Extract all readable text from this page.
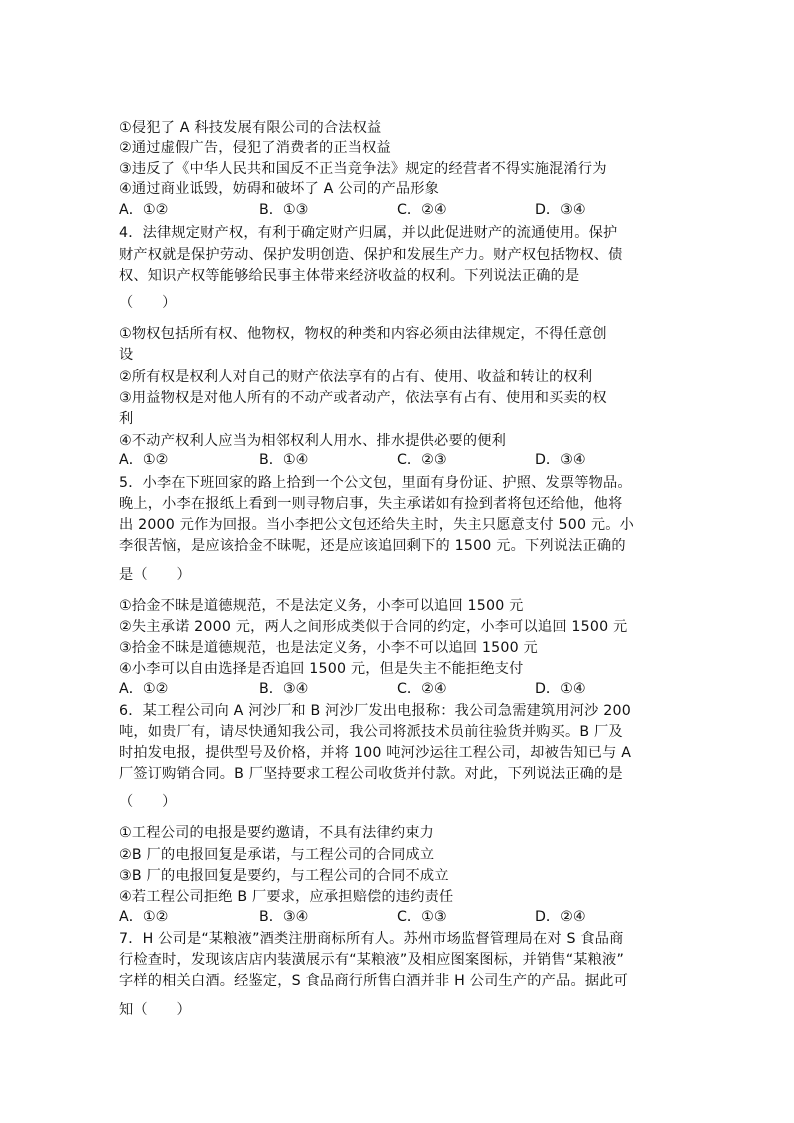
①侵犯了 A 科技发展有限公司的合法权益
②通过虚假广告，侵犯了消费者的正当权益
③违反了《中华人民共和国反不正当竞争法》规定的经营者不得实施混淆行为
④通过商业诋毁，妨碍和破坏了 A 公司的产品形象
A．①②	B．①③	C．②④	D．③④
4．法律规定财产权，有利于确定财产归属，并以此促进财产的流通使用。保护
财产权就是保护劳动、保护发明创造、保护和发展生产力。财产权包括物权、债
权、知识产权等能够给民事主体带来经济收益的权利。下列说法正确的是
（　　）
①物权包括所有权、他物权，物权的种类和内容必须由法律规定，不得任意创
设
②所有权是权利人对自己的财产依法享有的占有、使用、收益和转让的权利
③用益物权是对他人所有的不动产或者动产，依法享有占有、使用和买卖的权
利
④不动产权利人应当为相邻权利人用水、排水提供必要的便利
A．①②	B．①④	C．②③	D．③④
5．小李在下班回家的路上拾到一个公文包，里面有身份证、护照、发票等物品。
晚上，小李在报纸上看到一则寻物启事，失主承诺如有捡到者将包还给他，他将
出 2000 元作为回报。当小李把公文包还给失主时，失主只愿意支付 500 元。小
李很苦恼，是应该拾金不昧呢，还是应该追回剩下的 1500 元。下列说法正确的
是（　　）
①拾金不昧是道德规范，不是法定义务，小李可以追回 1500 元
②失主承诺 2000 元，两人之间形成类似于合同的约定，小李可以追回 1500 元
③拾金不昧是道德规范，也是法定义务，小李不可以追回 1500 元
④小李可以自由选择是否追回 1500 元，但是失主不能拒绝支付
A．①②	B．③④	C．②④	D．①④
6．某工程公司向 A 河沙厂和 B 河沙厂发出电报称：我公司急需建筑用河沙 200
吨，如贵厂有，请尽快通知我公司，我公司将派技术员前往验货并购买。B 厂及
时拍发电报，提供型号及价格，并将 100 吨河沙运往工程公司，却被告知已与 A
厂签订购销合同。B 厂坚持要求工程公司收货并付款。对此，下列说法正确的是
（　　）
①工程公司的电报是要约邀请，不具有法律约束力
②B 厂的电报回复是承诺，与工程公司的合同成立
③B 厂的电报回复是要约，与工程公司的合同不成立
④若工程公司拒绝 B 厂要求，应承担赔偿的违约责任
A．①②	B．③④	C．①③	D．②④
7．H 公司是“某粮液”酒类注册商标所有人。苏州市场监督管理局在对 S 食品商
行检查时，发现该店店内装潢展示有“某粮液”及相应图案图标，并销售“某粮液”
字样的相关白酒。经鉴定，S 食品商行所售白酒并非 H 公司生产的产品。据此可
知（　　）
